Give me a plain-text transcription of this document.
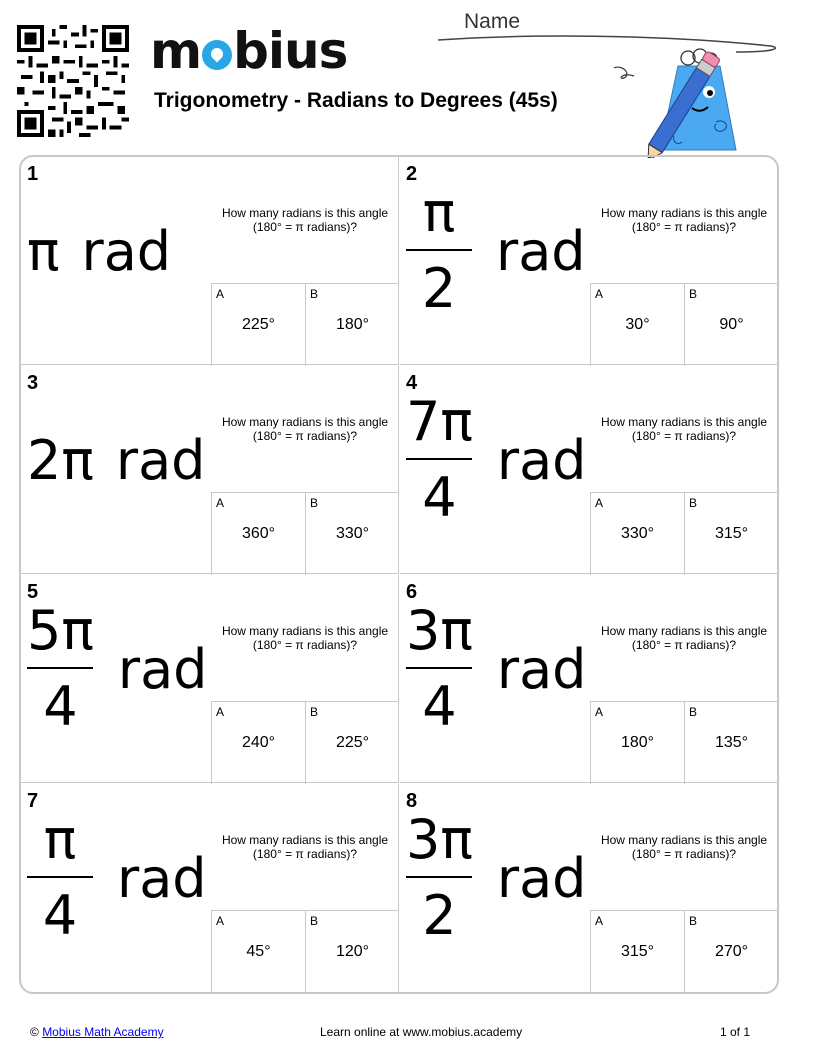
m bius
Trigonometry - Radians to Degrees (45s)
Name
1
π rad
How many radians is this angle
(180° = π radians)?
A
225°
B
180°
2
$\frac{\pi}{2}$ rad
How many radians is this angle
(180° = π radians)?
A
30°
B
90°
3
2π rad
How many radians is this angle
(180° = π radians)?
A
360°
B
330°
4
$\frac{7\pi}{4}$ rad
How many radians is this angle
(180° = π radians)?
A
330°
B
315°
5
$\frac{5\pi}{4}$ rad
How many radians is this angle
(180° = π radians)?
A
240°
B
225°
6
$\frac{3\pi}{4}$ rad
How many radians is this angle
(180° = π radians)?
A
180°
B
135°
7
$\frac{\pi}{4}$ rad
How many radians is this angle
(180° = π radians)?
A
45°
B
120°
8
$\frac{3\pi}{2}$ rad
How many radians is this angle
(180° = π radians)?
A
315°
B
270°
© Mobius Math Academy	Learn online at www.mobius.academy	1 of 1
